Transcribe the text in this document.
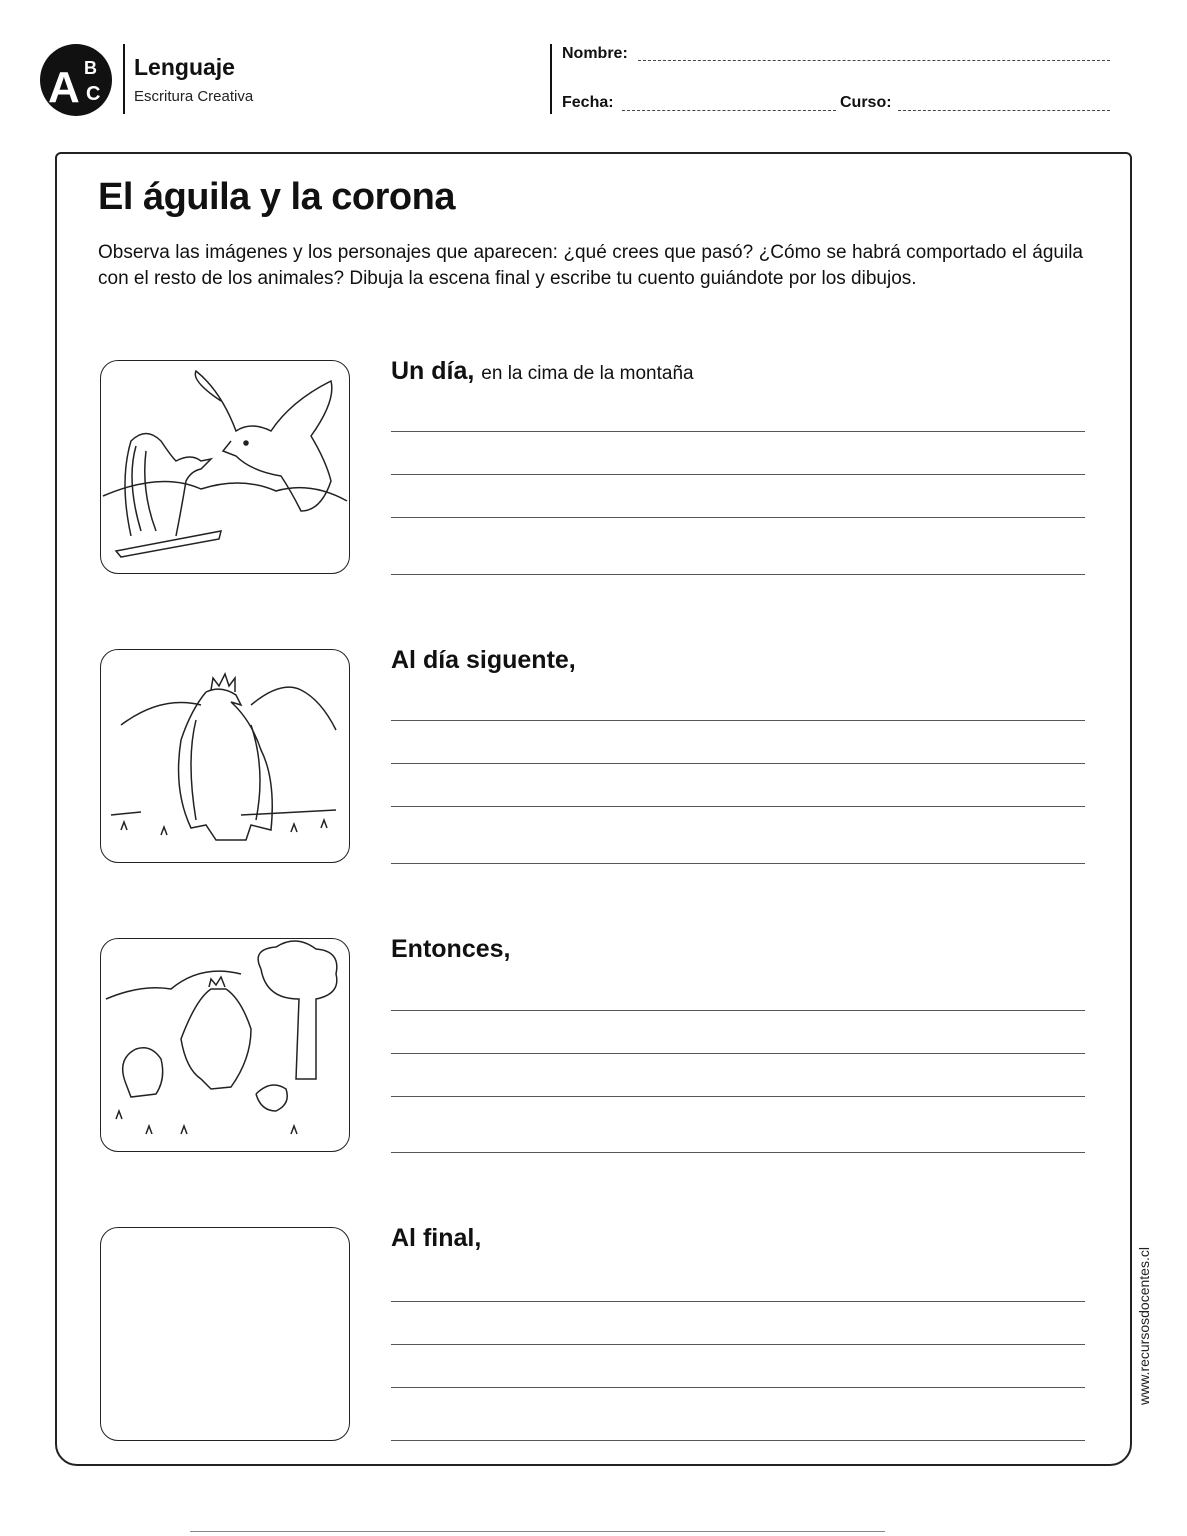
A B
C
Lenguaje
Escritura Creativa
Nombre:
Fecha:	Curso:
El águila y la corona
Observa las imágenes y los personajes que aparecen: ¿qué crees que pasó? ¿Cómo se habrá comportado el águila con el resto de los animales? Dibuja la escena final y escribe tu cuento guiándote por los dibujos.
Un día, en la cima de la montaña
Al día siguente,
Entonces,
Al final,
www.recursosdocentes.cl
